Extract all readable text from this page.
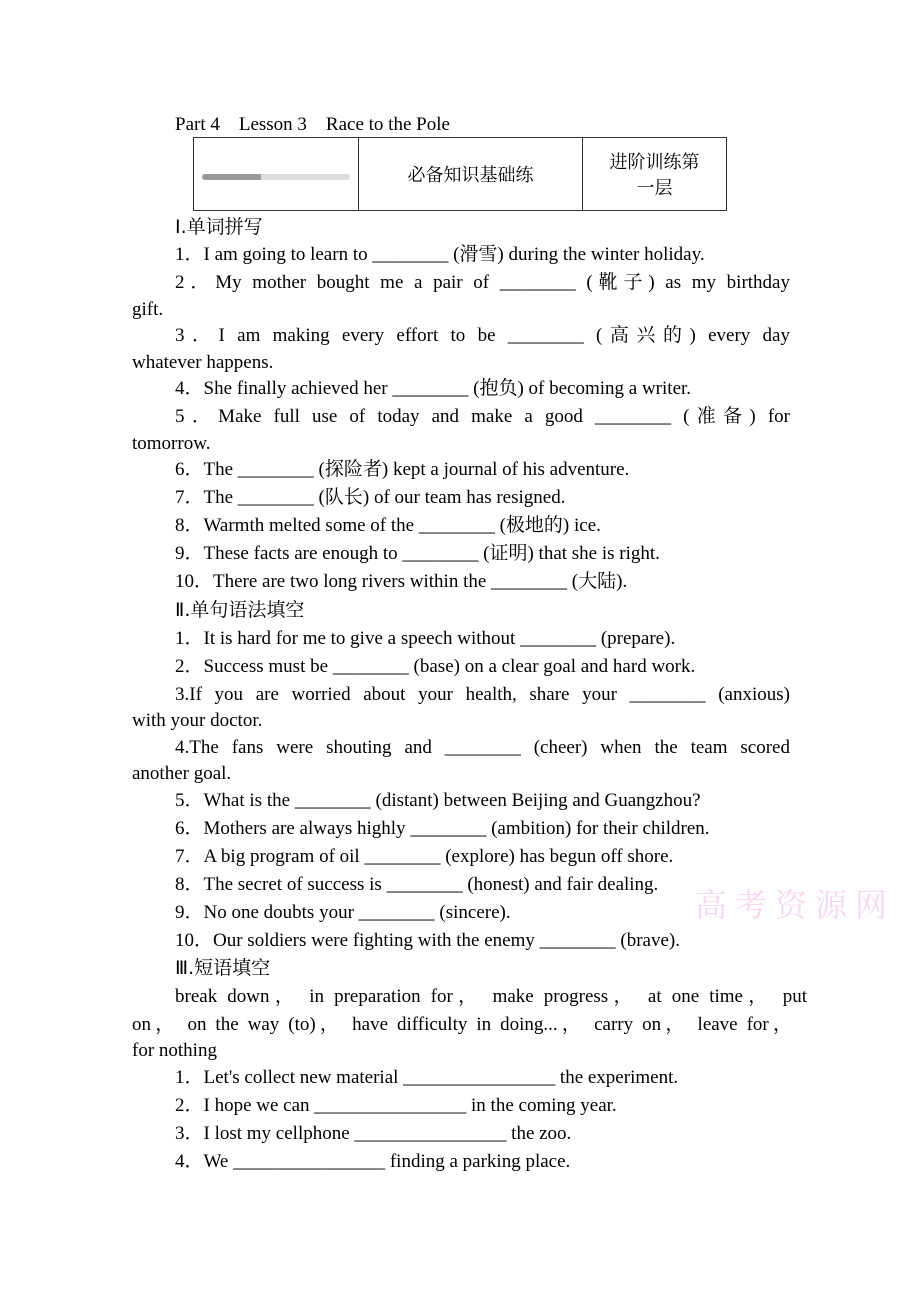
Part 4　Lesson 3　Race to the Pole
	必备知识基础练	进阶训练第
一层
Ⅰ.单词拼写
1．I am going to learn to ________ (滑雪) during the winter holiday.
2．My mother bought me a pair of ________ (靴子) as my birthday
gift.
3．I am making every effort to be ________ (高兴的) every day
whatever happens.
4．She finally achieved her ________ (抱负) of becoming a writer.
5．Make full use of today and make a good ________ (准备) for
tomorrow.
6．The ________ (探险者) kept a journal of his adventure.
7．The ________ (队长) of our team has resigned.
8．Warmth melted some of the ________ (极地的) ice.
9．These facts are enough to ________ (证明) that she is right.
10．There are two long rivers within the ________ (大陆).
Ⅱ.单句语法填空
1．It is hard for me to give a speech without ________ (prepare).
2．Success must be ________ (base) on a clear goal and hard work.
3.If you are worried about your health, share your ________ (anxious)
with your doctor.
4.The fans were shouting and ________ (cheer) when the team scored
another goal.
5．What is the ________ (distant) between Beijing and Guangzhou?
6．Mothers are always highly ________ (ambition) for their children.
7．A big program of oil ________ (explore) has begun off shore.
8．The secret of success is ________ (honest) and fair dealing.
9．No one doubts your ________ (sincere).
10．Our soldiers were fighting with the enemy ________ (brave).
Ⅲ.短语填空
break down， in preparation for， make progress， at one time， put
on， on the way (to)， have difficulty in doing...， carry on， leave for，
for nothing
1．Let's collect new material ________________ the experiment.
2．I hope we can ________________ in the coming year.
3．I lost my cellphone ________________ the zoo.
4．We ________________ finding a parking place.
高考资源网
